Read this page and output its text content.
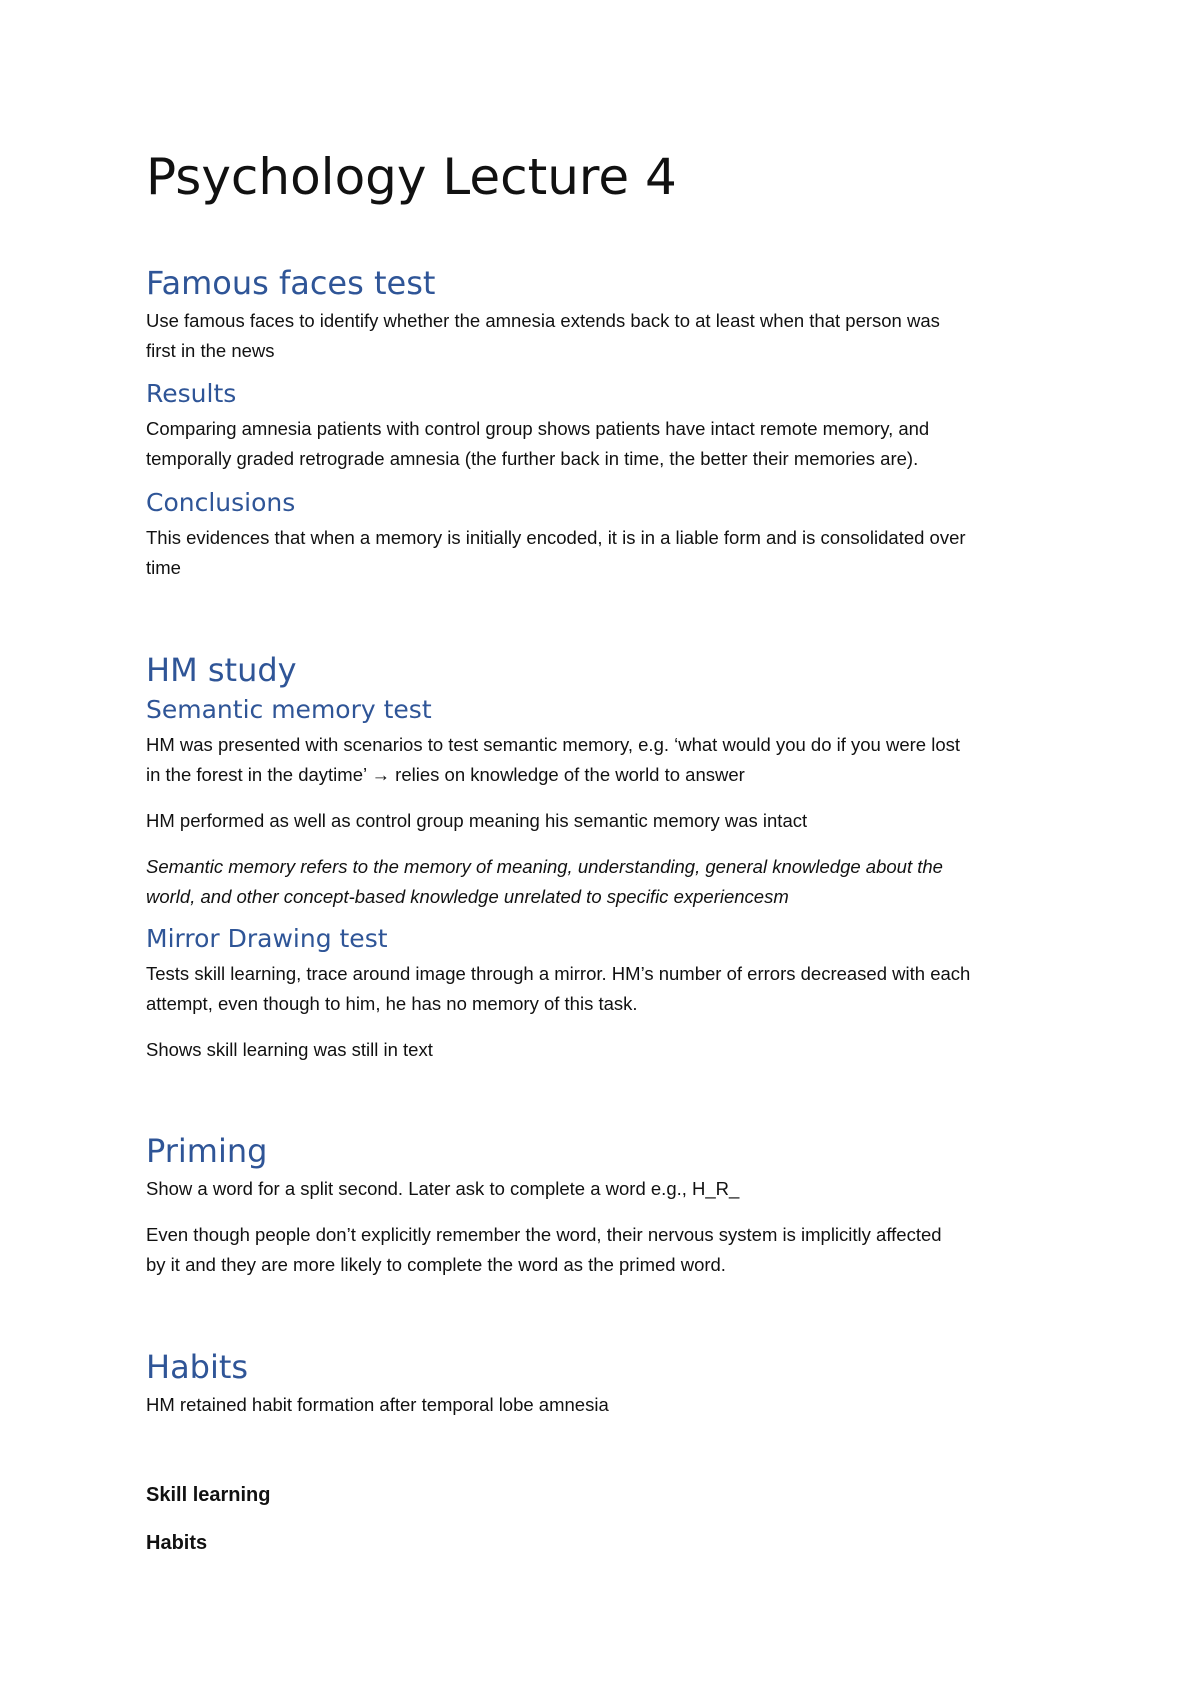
Psychology Lecture 4
Famous faces test

Use famous faces to identify whether the amnesia extends back to at least when that person was

first in the news

Results

Comparing amnesia patients with control group shows patients have intact remote memory, and

temporally graded retrograde amnesia (the further back in time, the better their memories are).

Conclusions

This evidences that when a memory is initially encoded, it is in a liable form and is consolidated over

time

HM study
Semantic memory test

HM was presented with scenarios to test semantic memory, e.g. ‘what would you do if you were lost

in the forest in the daytime’ → relies on knowledge of the world to answer

HM performed as well as control group meaning his semantic memory was intact

Semantic memory refers to the memory of meaning, understanding, general knowledge about the

world, and other concept-based knowledge unrelated to specific experiencesm

Mirror Drawing test

Tests skill learning, trace around image through a mirror. HM’s number of errors decreased with each

attempt, even though to him, he has no memory of this task.

Shows skill learning was still in text

Priming

Show a word for a split second. Later ask to complete a word e.g., H_R_

Even though people don’t explicitly remember the word, their nervous system is implicitly affected

by it and they are more likely to complete the word as the primed word.

Habits

HM retained habit formation after temporal lobe amnesia

Skill learning

Habits
